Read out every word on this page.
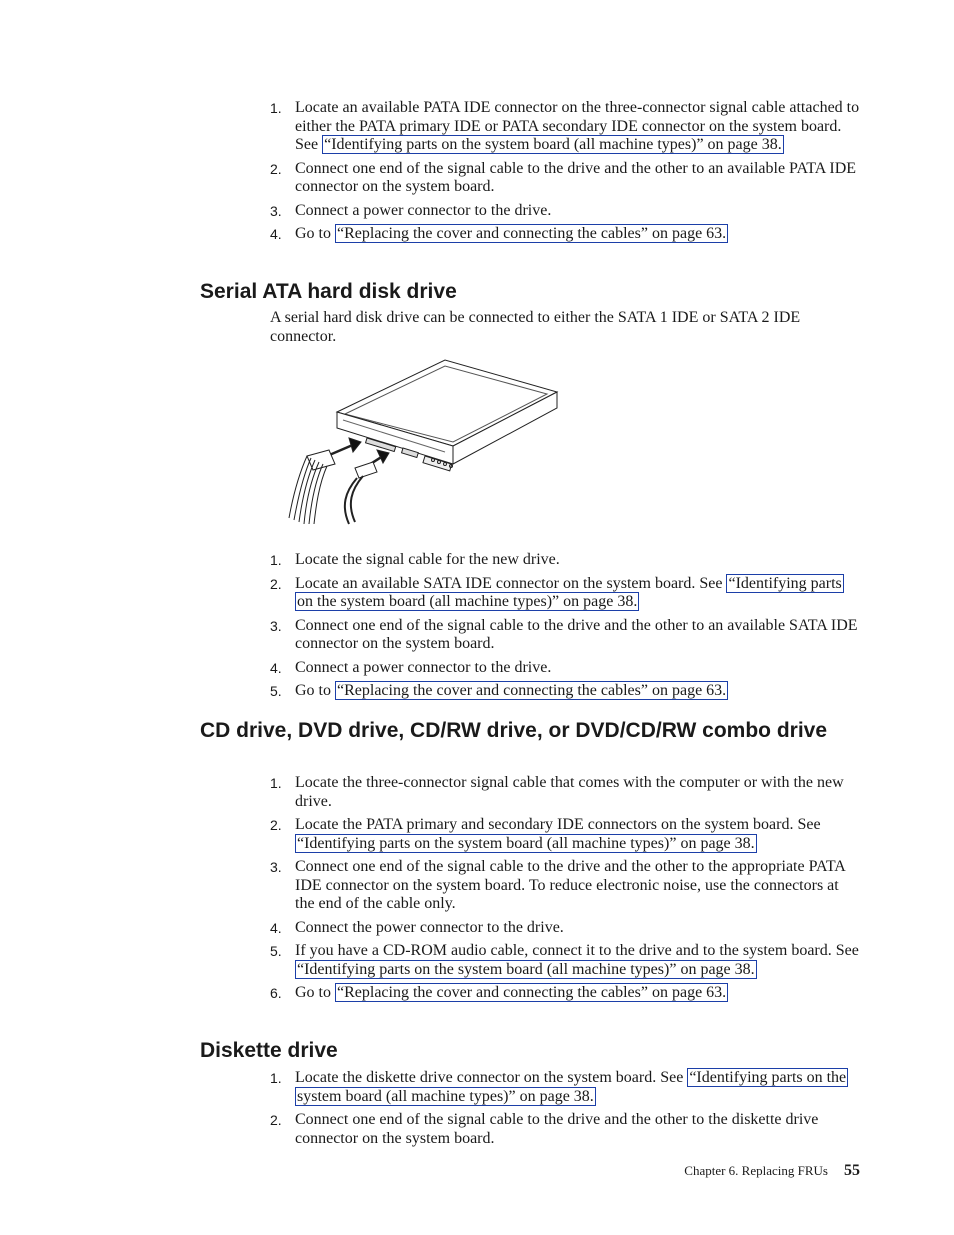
1. Locate an available PATA IDE connector on the three-connector signal cable attached to either the PATA primary IDE or PATA secondary IDE connector on the system board. See “Identifying parts on the system board (all machine types)” on page 38.
2. Connect one end of the signal cable to the drive and the other to an available PATA IDE connector on the system board.
3. Connect a power connector to the drive.
4. Go to “Replacing the cover and connecting the cables” on page 63.
Serial ATA hard disk drive

A serial hard disk drive can be connected to either the SATA 1 IDE or SATA 2 IDE connector.

1. Locate the signal cable for the new drive.
2. Locate an available SATA IDE connector on the system board. See “Identifying parts on the system board (all machine types)” on page 38.
3. Connect one end of the signal cable to the drive and the other to an available SATA IDE connector on the system board.
4. Connect a power connector to the drive.
5. Go to “Replacing the cover and connecting the cables” on page 63.
CD drive, DVD drive, CD/RW drive, or DVD/CD/RW combo drive
1. Locate the three-connector signal cable that comes with the computer or with the new drive.
2. Locate the PATA primary and secondary IDE connectors on the system board. See “Identifying parts on the system board (all machine types)” on page 38.
3. Connect one end of the signal cable to the drive and the other to the appropriate PATA IDE connector on the system board. To reduce electronic noise, use the connectors at the end of the cable only.
4. Connect the power connector to the drive.
5. If you have a CD-ROM audio cable, connect it to the drive and to the system board. See “Identifying parts on the system board (all machine types)” on page 38.
6. Go to “Replacing the cover and connecting the cables” on page 63.
Diskette drive
1. Locate the diskette drive connector on the system board. See “Identifying parts on the system board (all machine types)” on page 38.
2. Connect one end of the signal cable to the drive and the other to the diskette drive connector on the system board.
Chapter 6. Replacing FRUs 55
